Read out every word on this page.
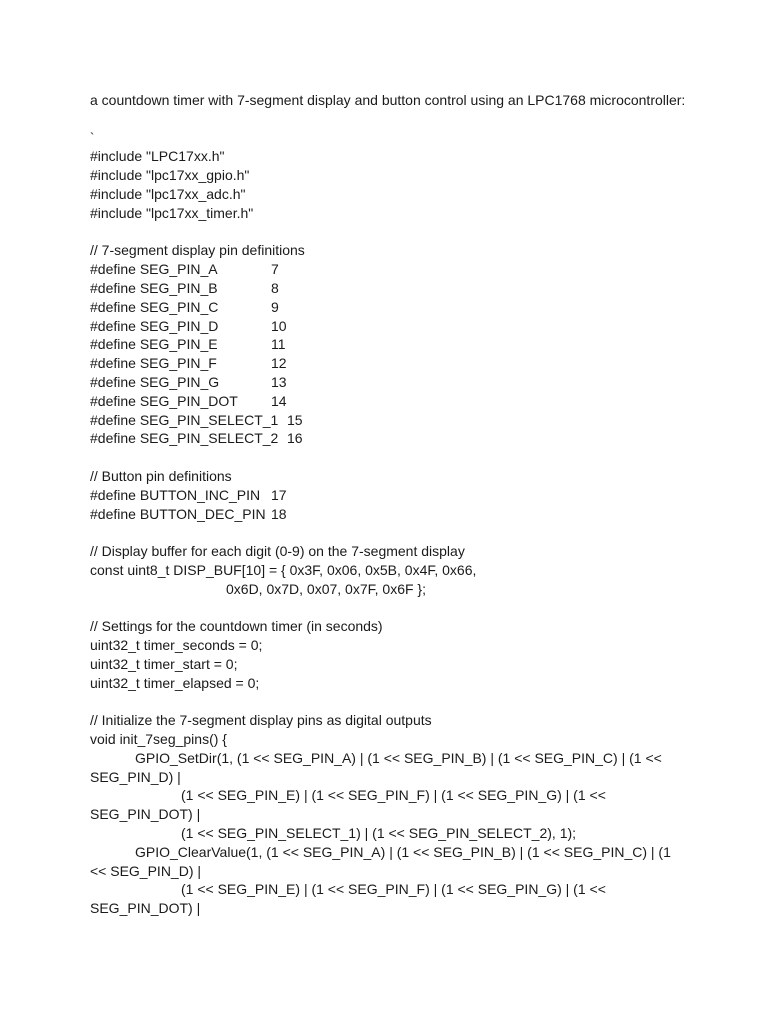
a countdown timer with 7-segment display and button control using an LPC1768 microcontroller:
`
#include "LPC17xx.h"
#include "lpc17xx_gpio.h"
#include "lpc17xx_adc.h"
#include "lpc17xx_timer.h"
// 7-segment display pin definitions
#define SEG_PIN_A	7
#define SEG_PIN_B	8
#define SEG_PIN_C	9
#define SEG_PIN_D	10
#define SEG_PIN_E	11
#define SEG_PIN_F	12
#define SEG_PIN_G	13
#define SEG_PIN_DOT	14
#define SEG_PIN_SELECT_1 15
#define SEG_PIN_SELECT_2 16
// Button pin definitions
#define BUTTON_INC_PIN 17
#define BUTTON_DEC_PIN 18
// Display buffer for each digit (0-9) on the 7-segment display
const uint8_t DISP_BUF[10] = { 0x3F, 0x06, 0x5B, 0x4F, 0x66,
0x6D, 0x7D, 0x07, 0x7F, 0x6F };
// Settings for the countdown timer (in seconds)
uint32_t timer_seconds = 0;
uint32_t timer_start = 0;
uint32_t timer_elapsed = 0;
// Initialize the 7-segment display pins as digital outputs
void init_7seg_pins() {
GPIO_SetDir(1, (1 << SEG_PIN_A) | (1 << SEG_PIN_B) | (1 << SEG_PIN_C) | (1 <<
SEG_PIN_D) |
(1 << SEG_PIN_E) | (1 << SEG_PIN_F) | (1 << SEG_PIN_G) | (1 <<
SEG_PIN_DOT) |
(1 << SEG_PIN_SELECT_1) | (1 << SEG_PIN_SELECT_2), 1);
GPIO_ClearValue(1, (1 << SEG_PIN_A) | (1 << SEG_PIN_B) | (1 << SEG_PIN_C) | (1
<< SEG_PIN_D) |
(1 << SEG_PIN_E) | (1 << SEG_PIN_F) | (1 << SEG_PIN_G) | (1 <<
SEG_PIN_DOT) |
